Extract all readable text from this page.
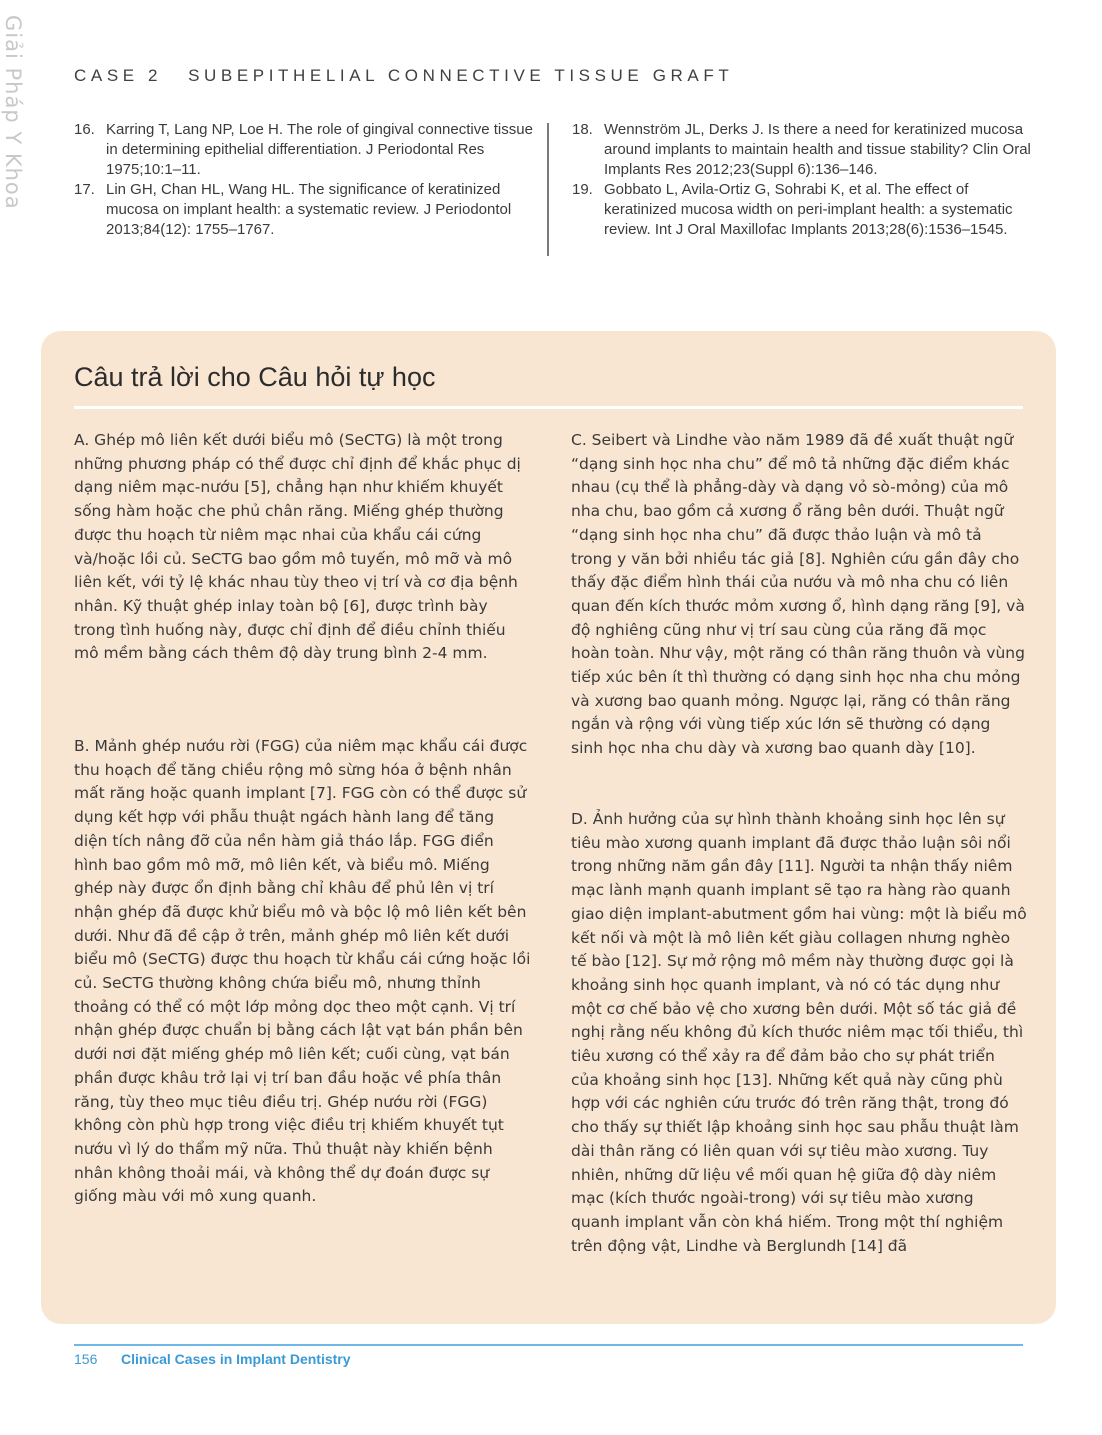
Giải Pháp Y Khoa	CASE 2 SUBEPITHELIAL CONNECTIVE TISSUE GRAFT
16. Karring T, Lang NP, Loe H. The role of gingival connective tissue in determining epithelial differentiation. J Periodontal Res 1975;10:1–11.
17. Lin GH, Chan HL, Wang HL. The significance of keratinized mucosa on implant health: a systematic review. J Periodontol 2013;84(12): 1755–1767.
18. Wennström JL, Derks J. Is there a need for keratinized mucosa around implants to maintain health and tissue stability? Clin Oral Implants Res 2012;23(Suppl 6):136–146.
19. Gobbato L, Avila-Ortiz G, Sohrabi K, et al. The effect of keratinized mucosa width on peri-implant health: a systematic review. Int J Oral Maxillofac Implants 2013;28(6):1536–1545.
Câu trả lời cho Câu hỏi tự học

A. Ghép mô liên kết dưới biểu mô (SeCTG) là một trong những phương pháp có thể được chỉ định để khắc phục dị dạng niêm mạc-nướu [5], chẳng hạn như khiếm khuyết sống hàm hoặc che phủ chân răng. Miếng ghép thường được thu hoạch từ niêm mạc nhai của khẩu cái cứng và/hoặc lồi củ. SeCTG bao gồm mô tuyến, mô mỡ và mô liên kết, với tỷ lệ khác nhau tùy theo vị trí và cơ địa bệnh nhân. Kỹ thuật ghép inlay toàn bộ [6], được trình bày trong tình huống này, được chỉ định để điều chỉnh thiếu mô mềm bằng cách thêm độ dày trung bình 2-4 mm.

B. Mảnh ghép nướu rời (FGG) của niêm mạc khẩu cái được thu hoạch để tăng chiều rộng mô sừng hóa ở bệnh nhân mất răng hoặc quanh implant [7]. FGG còn có thể được sử dụng kết hợp với phẫu thuật ngách hành lang để tăng diện tích nâng đỡ của nền hàm giả tháo lắp. FGG điển hình bao gồm mô mỡ, mô liên kết, và biểu mô. Miếng ghép này được ổn định bằng chỉ khâu để phủ lên vị trí nhận ghép đã được khử biểu mô và bộc lộ mô liên kết bên dưới. Như đã đề cập ở trên, mảnh ghép mô liên kết dưới biểu mô (SeCTG) được thu hoạch từ khẩu cái cứng hoặc lồi củ. SeCTG thường không chứa biểu mô, nhưng thỉnh thoảng có thể có một lớp mỏng dọc theo một cạnh. Vị trí nhận ghép được chuẩn bị bằng cách lật vạt bán phần bên dưới nơi đặt miếng ghép mô liên kết; cuối cùng, vạt bán phần được khâu trở lại vị trí ban đầu hoặc về phía thân răng, tùy theo mục tiêu điều trị. Ghép nướu rời (FGG) không còn phù hợp trong việc điều trị khiếm khuyết tụt nướu vì lý do thẩm mỹ nữa. Thủ thuật này khiến bệnh nhân không thoải mái, và không thể dự đoán được sự giống màu với mô xung quanh.

C. Seibert và Lindhe vào năm 1989 đã đề xuất thuật ngữ “dạng sinh học nha chu” để mô tả những đặc điểm khác nhau (cụ thể là phẳng-dày và dạng vỏ sò-mỏng) của mô nha chu, bao gồm cả xương ổ răng bên dưới. Thuật ngữ “dạng sinh học nha chu” đã được thảo luận và mô tả trong y văn bởi nhiều tác giả [8]. Nghiên cứu gần đây cho thấy đặc điểm hình thái của nướu và mô nha chu có liên quan đến kích thước mỏm xương ổ, hình dạng răng [9], và độ nghiêng cũng như vị trí sau cùng của răng đã mọc hoàn toàn. Như vậy, một răng có thân răng thuôn và vùng tiếp xúc bên ít thì thường có dạng sinh học nha chu mỏng và xương bao quanh mỏng. Ngược lại, răng có thân răng ngắn và rộng với vùng tiếp xúc lớn sẽ thường có dạng sinh học nha chu dày và xương bao quanh dày [10].

D. Ảnh hưởng của sự hình thành khoảng sinh học lên sự tiêu mào xương quanh implant đã được thảo luận sôi nổi trong những năm gần đây [11]. Người ta nhận thấy niêm mạc lành mạnh quanh implant sẽ tạo ra hàng rào quanh giao diện implant-abutment gồm hai vùng: một là biểu mô kết nối và một là mô liên kết giàu collagen nhưng nghèo tế bào [12]. Sự mở rộng mô mềm này thường được gọi là khoảng sinh học quanh implant, và nó có tác dụng như một cơ chế bảo vệ cho xương bên dưới. Một số tác giả đề nghị rằng nếu không đủ kích thước niêm mạc tối thiểu, thì tiêu xương có thể xảy ra để đảm bảo cho sự phát triển của khoảng sinh học [13]. Những kết quả này cũng phù hợp với các nghiên cứu trước đó trên răng thật, trong đó cho thấy sự thiết lập khoảng sinh học sau phẫu thuật làm dài thân răng có liên quan với sự tiêu mào xương. Tuy nhiên, những dữ liệu về mối quan hệ giữa độ dày niêm mạc (kích thước ngoài-trong) với sự tiêu mào xương quanh implant vẫn còn khá hiếm. Trong một thí nghiệm trên động vật, Lindhe và Berglundh [14] đã

156 Clinical Cases in Implant Dentistry
